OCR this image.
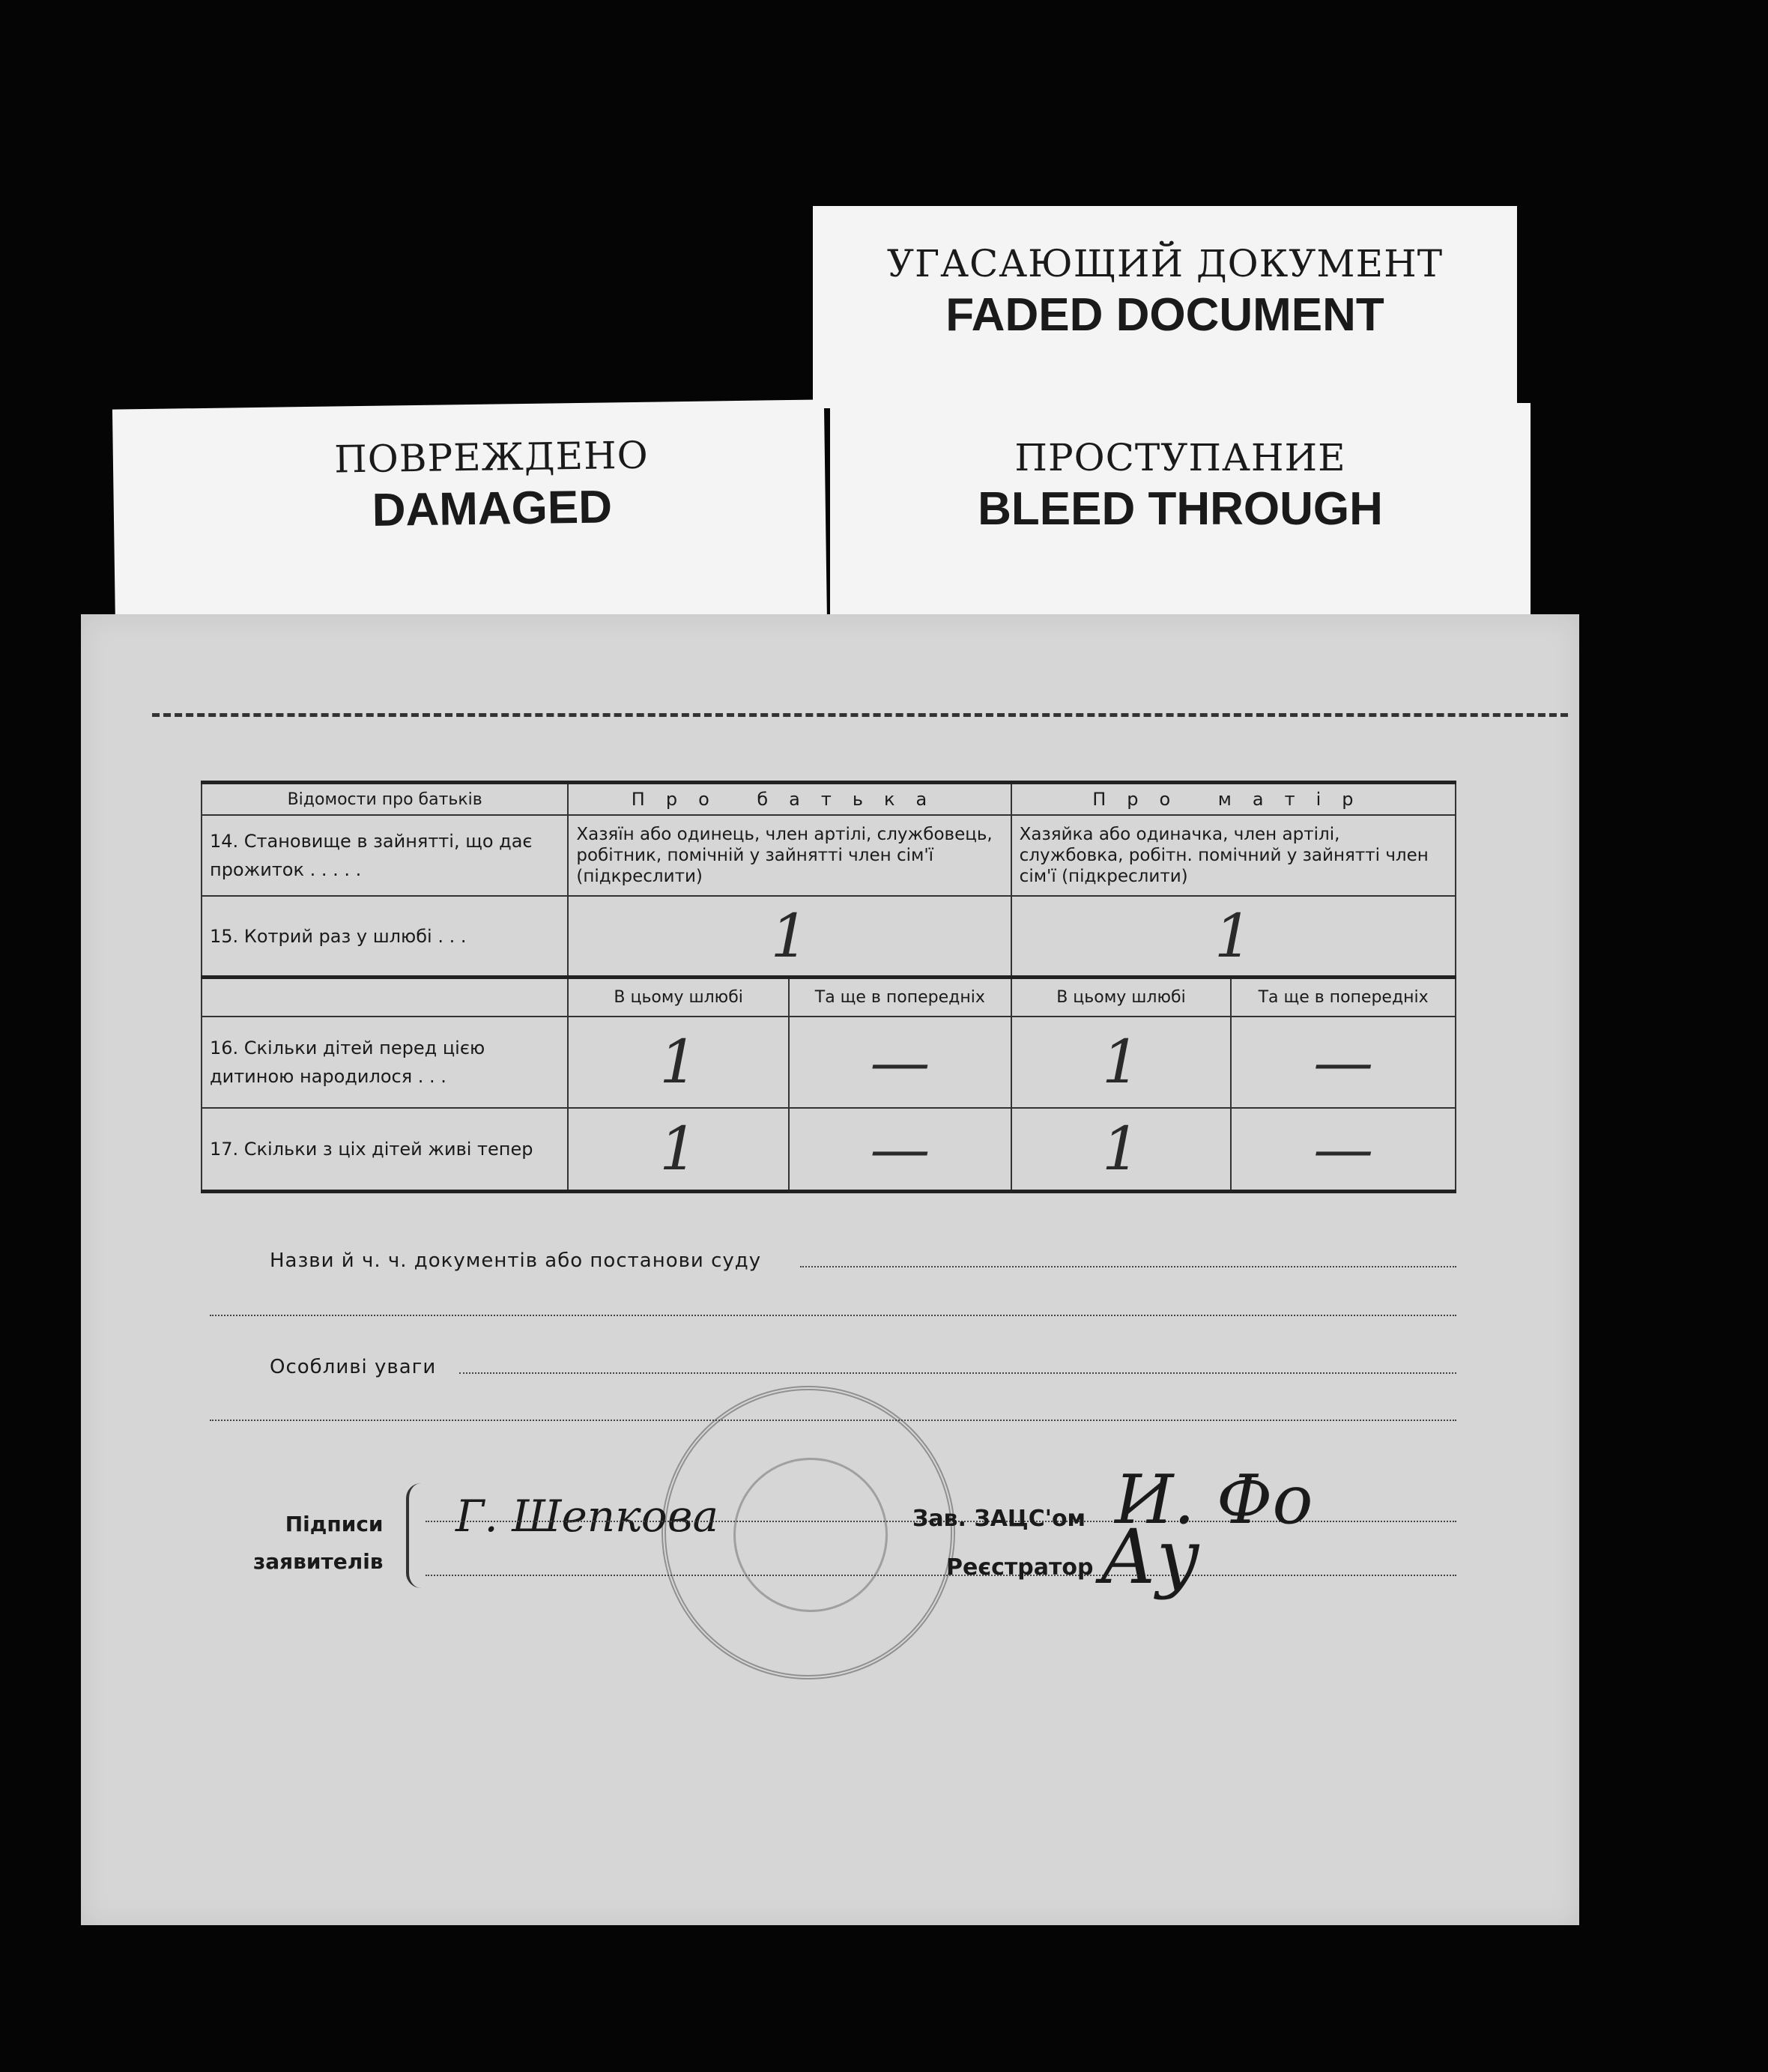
УГАСАЮЩИЙ ДОКУМЕНТ
FADED DOCUMENT
ПОВРЕЖДЕНО
DAMAGED
ПРОСТУПАНИЕ
BLEED THROUGH
Відомости про батьків	Про батька		Про матір	
14. Становище в зайнятті, що дає прожиток . . . . .	Хазяїн або одинець, член артілі, службовець, робітник, помічній у зайнятті член сім'ї (підкреслити)		Хазяйка або одиначка, член артілі, службовка, робітн. помічний у зайнятті член сім'ї (підкреслити)	
15. Котрий раз у шлюбі . . .	1		1	
	В цьому шлюбі	Та ще в попередніх	В цьому шлюбі	Та ще в попередніх
16. Скільки дітей перед цією дитиною народилося . . .	1	—	1	—
17. Скільки з ціх дітей живі тепер	1	—	1	—
Назви й ч. ч. документів або постанови суду
Особливі уваги
Підписи
заявителів
Г. Шепкова	Зав. ЗАЦС'ом И. Фо
Реєстратор Ау
